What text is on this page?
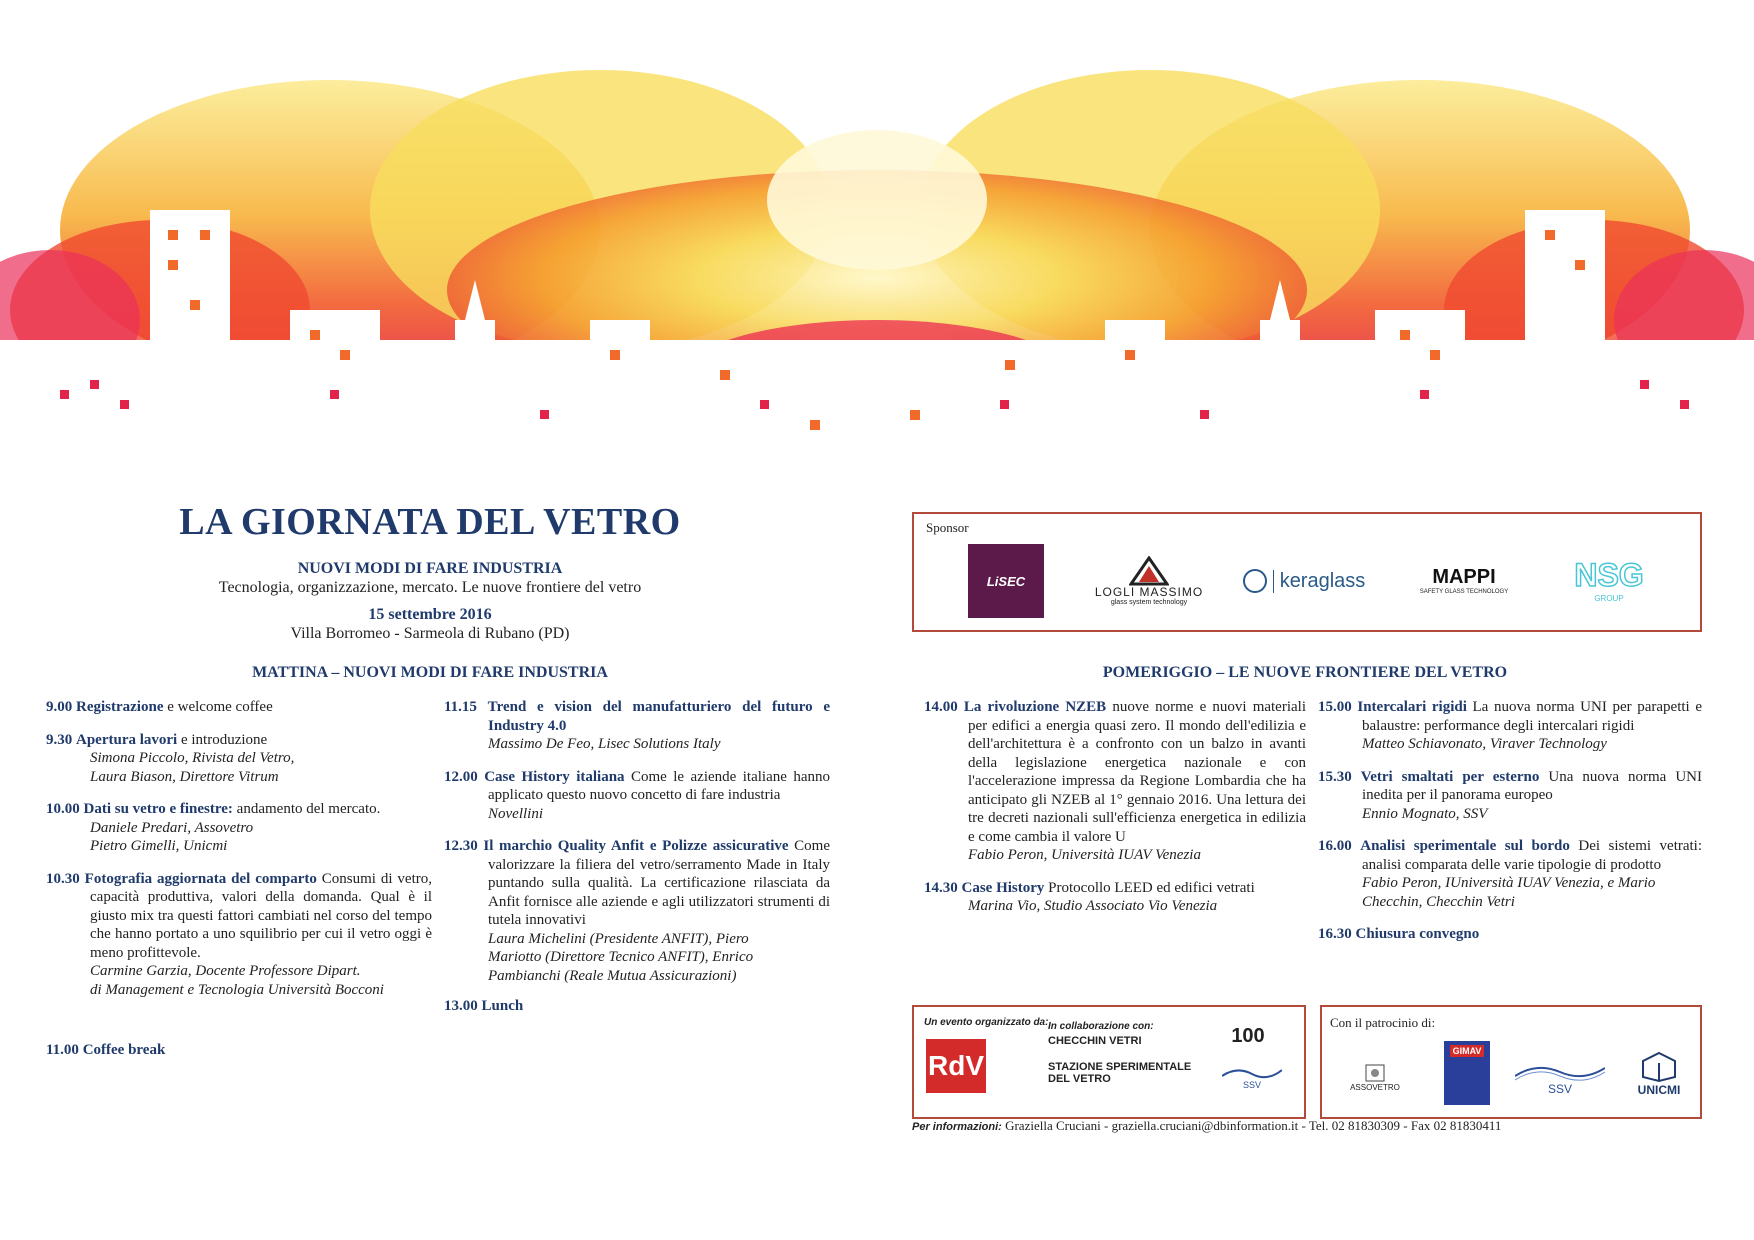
LA GIORNATA DEL VETRO
NUOVI MODI DI FARE INDUSTRIA
Tecnologia, organizzazione, mercato. Le nuove frontiere del vetro
15 settembre 2016
Villa Borromeo - Sarmeola di Rubano (PD)
Sponsor
LiSEC
LOGLI MASSIMO
glass system technology
keraglass	MAPPI
SAFETY GLASS TECHNOLOGY NSG
GROUP
MATTINA – NUOVI MODI DI FARE INDUSTRIA	POMERIGGIO – LE NUOVE FRONTIERE DEL VETRO
9.00 Registrazione e welcome coffee
9.30 Apertura lavori e introduzione
Simona Piccolo, Rivista del Vetro,
Laura Biason, Direttore Vitrum
10.00 Dati su vetro e finestre: andamento del mercato.
Daniele Predari, Assovetro
Pietro Gimelli, Unicmi
10.30 Fotografia aggiornata del comparto Consumi di vetro, capacità produttiva, valori della domanda. Qual è il giusto mix tra questi fattori cambiati nel corso del tempo che hanno portato a uno squilibrio per cui il vetro oggi è meno profittevole.
Carmine Garzia, Docente Professore Dipart.
di Management e Tecnologia Università Bocconi
11.00 Coffee break
11.15 Trend e vision del manufatturiero del futuro e Industry 4.0
Massimo De Feo, Lisec Solutions Italy
12.00 Case History italiana Come le aziende italiane hanno applicato questo nuovo concetto di fare industria
Novellini
12.30 Il marchio Quality Anfit e Polizze assicurative Come valorizzare la filiera del vetro/serramento Made in Italy puntando sulla qualità. La certificazione rilasciata da Anfit fornisce alle aziende e agli utilizzatori strumenti di tutela innovativi
Laura Michelini (Presidente ANFIT), Piero
Mariotto (Direttore Tecnico ANFIT), Enrico
Pambianchi (Reale Mutua Assicurazioni)
13.00 Lunch
14.00 La rivoluzione NZEB nuove norme e nuovi materiali per edifici a energia quasi zero. Il mondo dell'edilizia e dell'architettura è a confronto con un balzo in avanti della legislazione energetica nazionale e con l'accelerazione impressa da Regione Lombardia che ha anticipato gli NZEB al 1° gennaio 2016. Una lettura dei tre decreti nazionali sull'efficienza energetica in edilizia e come cambia il valore U
Fabio Peron, Università IUAV Venezia
14.30 Case History Protocollo LEED ed edifici vetrati
Marina Vio, Studio Associato Vio Venezia
15.00 Intercalari rigidi La nuova norma UNI per parapetti e balaustre: performance degli intercalari rigidi
Matteo Schiavonato, Viraver Technology
15.30 Vetri smaltati per esterno Una nuova norma UNI inedita per il panorama europeo
Ennio Mognato, SSV
16.00 Analisi sperimentale sul bordo Dei sistemi vetrati: analisi comparata delle varie tipologie di prodotto
Fabio Peron, IUniversità IUAV Venezia, e Mario
Checchin, Checchin Vetri
16.30 Chiusura convegno
Un evento organizzato da:
RdV
In collaborazione con:
CHECCHIN VETRI
STAZIONE SPERIMENTALE DEL VETRO
100
SSV
Con il patrocinio di:
ASSOVETRO
GIMAV
SSV	UNICMI
Per informazioni: Graziella Cruciani - graziella.cruciani@dbinformation.it - Tel. 02 81830309 - Fax 02 81830411
